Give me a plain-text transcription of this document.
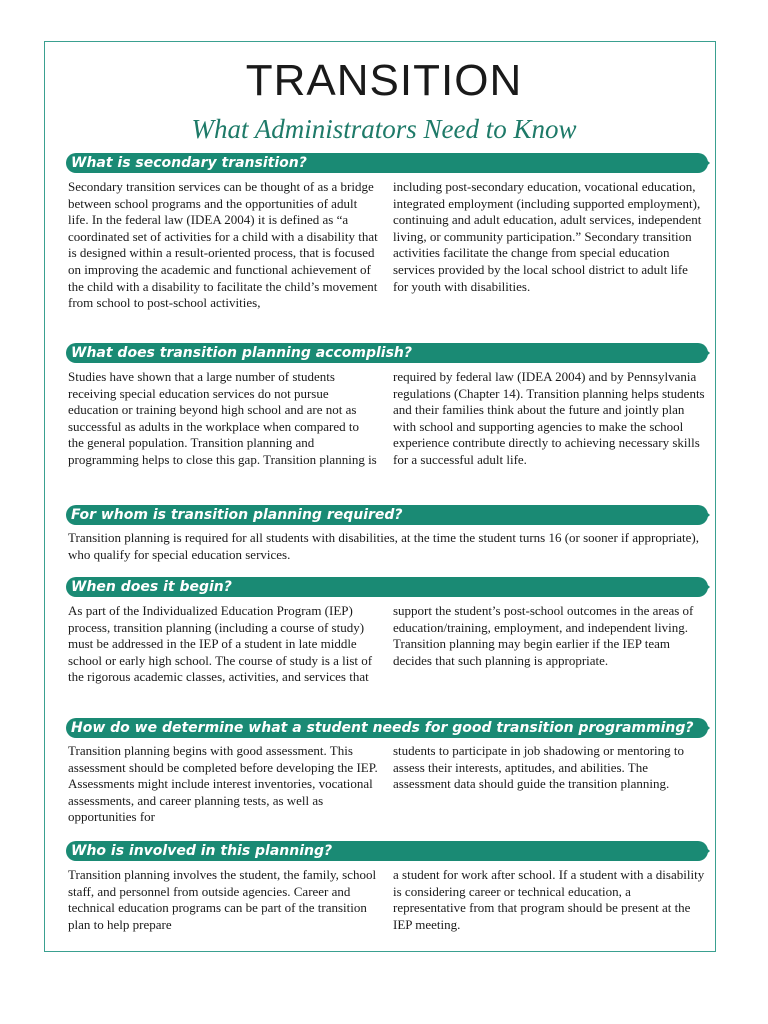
TRANSITION
What Administrators Need to Know
What is secondary transition?
Secondary transition services can be thought of as a bridge between school programs and the opportunities of adult life. In the federal law (IDEA 2004) it is defined as “a coordinated set of activities for a child with a disability that is designed within a result-oriented process, that is focused on improving the academic and functional achievement of the child with a disability to facilitate the child’s movement from school to post-school activities,
including post-secondary education, vocational education, integrated employment (including supported employment), continuing and adult education, adult services, independent living, or community participation.” Secondary transition activities facilitate the change from special education services provided by the local school district to adult life for youth with disabilities.
What does transition planning accomplish?
Studies have shown that a large number of students receiving special education services do not pursue education or training beyond high school and are not as successful as adults in the workplace when compared to the general population. Transition planning and programming helps to close this gap. Transition planning is
required by federal law (IDEA 2004) and by Pennsylvania regulations (Chapter 14). Transition planning helps students and their families think about the future and jointly plan with school and supporting agencies to make the school experience contribute directly to achieving necessary skills for a successful adult life.
For whom is transition planning required?
Transition planning is required for all students with disabilities, at the time the student turns 16 (or sooner if appropriate), who qualify for special education services.
When does it begin?
As part of the Individualized Education Program (IEP) process, transition planning (including a course of study) must be addressed in the IEP of a student in late middle school or early high school. The course of study is a list of the rigorous academic classes, activities, and services that
support the student’s post-school outcomes in the areas of education/training, employment, and independent living. Transition planning may begin earlier if the IEP team decides that such planning is appropriate.
How do we determine what a student needs for good transition programming?
Transition planning begins with good assessment. This assessment should be completed before developing the IEP. Assessments might include interest inventories, vocational assessments, and career planning tests, as well as opportunities for
students to participate in job shadowing or mentoring to assess their interests, aptitudes, and abilities. The assessment data should guide the transition planning.
Who is involved in this planning?
Transition planning involves the student, the family, school staff, and personnel from outside agencies. Career and technical education programs can be part of the transition plan to help prepare
a student for work after school. If a student with a disability is considering career or technical education, a representative from that program should be present at the IEP meeting.
